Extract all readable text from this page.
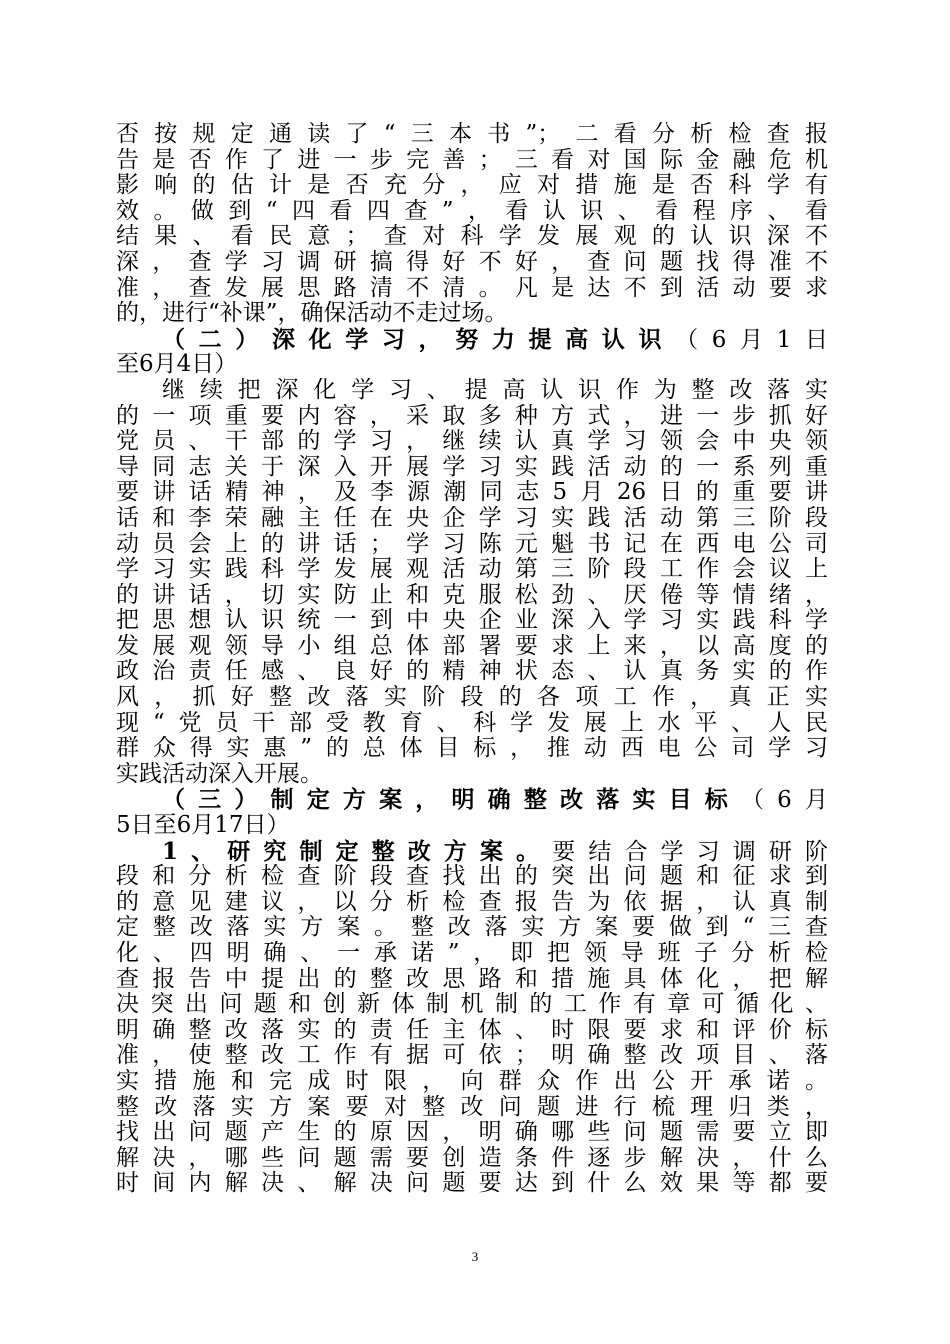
否按规定通读了“三本书”；二看分析检查报
告是否作了进一步完善；三看对国际金融危机
影响的估计是否充分，应对措施是否科学有
效。做到“四看四查”，看认识、看程序、看
结果、看民意；查对科学发展观的认识深不
深，查学习调研搞得好不好，查问题找得准不
准，查发展思路清不清。凡是达不到活动要求
的，进行“补课”，确保活动不走过场。
（二）深化学习，努力提高认识（6月1日
至6月4日）
继续把深化学习、提高认识作为整改落实
的一项重要内容，采取多种方式，进一步抓好
党员、干部的学习，继续认真学习领会中央领
导同志关于深入开展学习实践活动的一系列重
要讲话精神，及李源潮同志5月26日的重要讲
话和李荣融主任在央企学习实践活动第三阶段
动员会上的讲话；学习陈元魁书记在西电公司
学习实践科学发展观活动第三阶段工作会议上
的讲话，切实防止和克服松劲、厌倦等情绪，
把思想认识统一到中央企业深入学习实践科学
发展观领导小组总体部署要求上来，以高度的
政治责任感、良好的精神状态、认真务实的作
风，抓好整改落实阶段的各项工作，真正实
现“党员干部受教育、科学发展上水平、人民
群众得实惠”的总体目标，推动西电公司学习
实践活动深入开展。
（三）制定方案，明确整改落实目标（6月
5日至6月17日）
1、研究制定整改方案。要结合学习调研阶
段和分析检查阶段查找出的突出问题和征求到
的意见建议，以分析检查报告为依据，认真制
定整改落实方案。整改落实方案要做到“三查
化、四明确、一承诺”，即把领导班子分析检
查报告中提出的整改思路和措施具体化，把解
决突出问题和创新体制机制的工作有章可循化、
明确整改落实的责任主体、时限要求和评价标
准，使整改工作有据可依；明确整改项目、落
实措施和完成时限，向群众作出公开承诺。
整改落实方案要对整改问题进行梳理归类，
找出问题产生的原因，明确哪些问题需要立即
解决，哪些问题需要创造条件逐步解决，什么
时间内解决、解决问题要达到什么效果等都要
3
